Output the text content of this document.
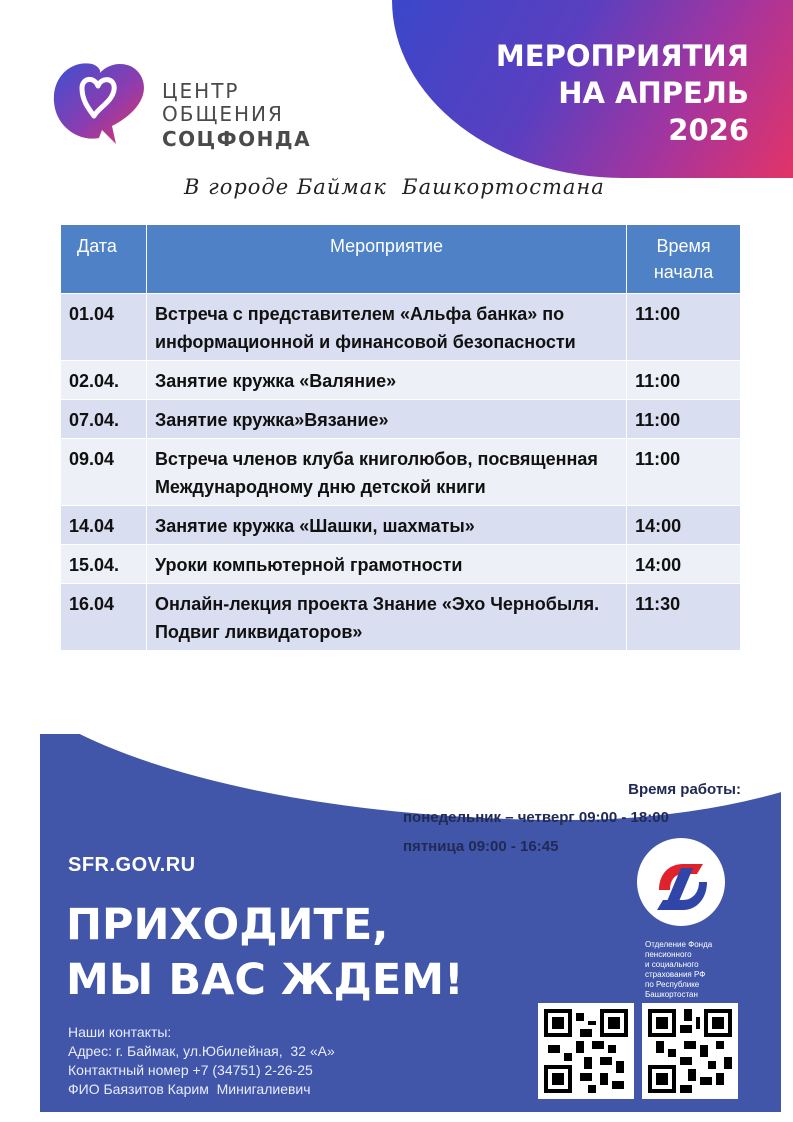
МЕРОПРИЯТИЯ
НА АПРЕЛЬ
2026
ЦЕНТР
ОБЩЕНИЯ
СОЦФОНДА
В городе Баймак  Башкортостана
Дата	Мероприятие	Время начала
01.04	Встреча с представителем «Альфа банка» по информационной и финансовой безопасности	11:00
02.04.	Занятие кружка «Валяние»	11:00
07.04.	Занятие кружка»Вязание»	11:00
09.04	Встреча членов клуба книголюбов, посвященная Международному дню детской книги	11:00
14.04	Занятие кружка «Шашки, шахматы»	14:00
15.04.	Уроки компьютерной грамотности	14:00
16.04	Онлайн-лекция проекта Знание «Эхо Чернобыля. Подвиг ликвидаторов»	11:30
Время работы:
понедельник – четверг 09:00 - 18:00
пятница 09:00 - 16:45
SFR.GOV.RU
ПРИХОДИТЕ,
МЫ ВАС ЖДЕМ!
Наши контакты:
Адрес: г. Баймак, ул.Юбилейная,  32 «А»
Контактный номер +7 (34751) 2-26-25
ФИО Баязитов Карим  Минигалиевич
Отделение Фонда
пенсионного
и социального
страхования РФ
по Республике
Башкортостан
